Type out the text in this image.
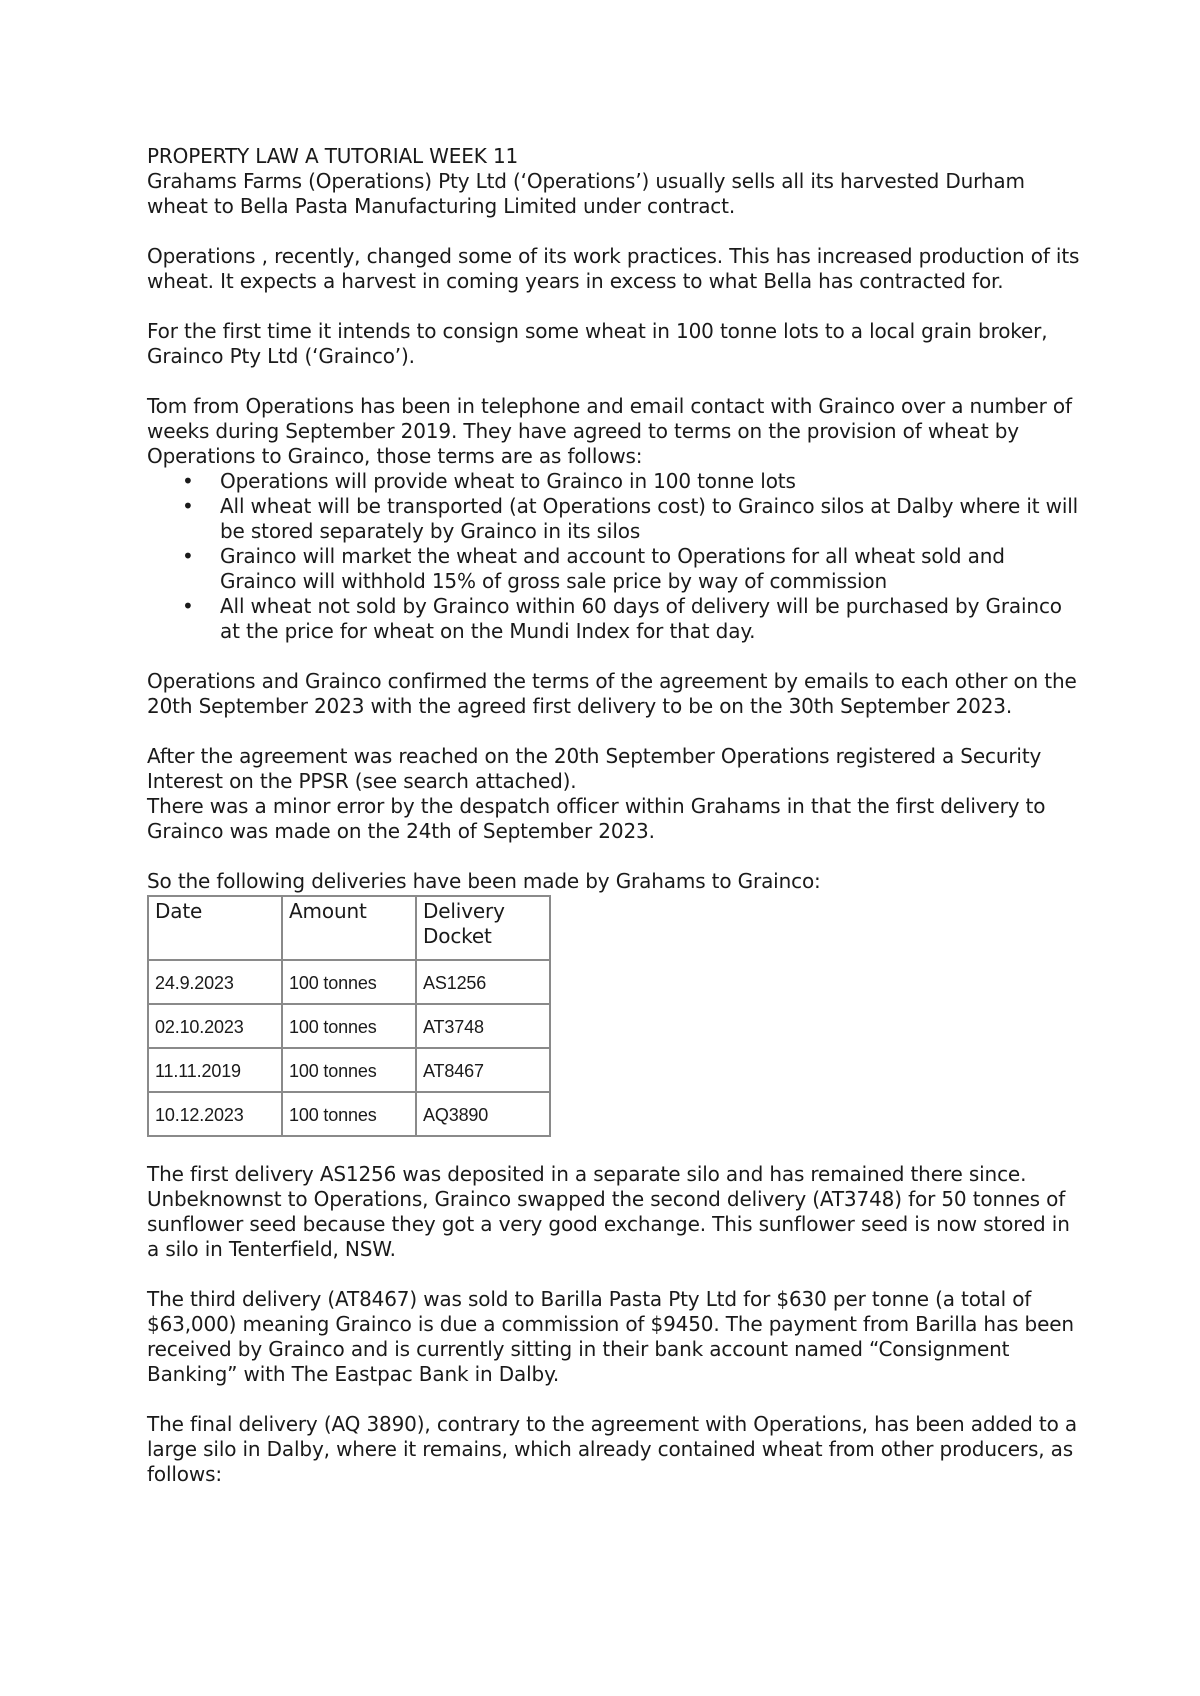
PROPERTY LAW A TUTORIAL WEEK 11

Grahams Farms (Operations) Pty Ltd (‘Operations’) usually sells all its harvested Durham wheat to Bella Pasta Manufacturing Limited under contract.

Operations , recently, changed some of its work practices. This has increased production of its wheat. It expects a harvest in coming years in excess to what Bella has contracted for.

For the first time it intends to consign some wheat in 100 tonne lots to a local grain broker, Grainco Pty Ltd (‘Grainco’).

Tom from Operations has been in telephone and email contact with Grainco over a number of weeks during September 2019. They have agreed to terms on the provision of wheat by Operations to Grainco, those terms are as follows:

• Operations will provide wheat to Grainco in 100 tonne lots
• All wheat will be transported (at Operations cost) to Grainco silos at Dalby where it will be stored separately by Grainco in its silos
• Grainco will market the wheat and account to Operations for all wheat sold and Grainco will withhold 15% of gross sale price by way of commission
• All wheat not sold by Grainco within 60 days of delivery will be purchased by Grainco at the price for wheat on the Mundi Index for that day.

Operations and Grainco confirmed the terms of the agreement by emails to each other on the 20th September 2023 with the agreed first delivery to be on the 30th September 2023.

After the agreement was reached on the 20th September Operations registered a Security Interest on the PPSR (see search attached).

There was a minor error by the despatch officer within Grahams in that the first delivery to Grainco was made on the 24th of September 2023.

So the following deliveries have been made by Grahams to Grainco:

Date	Amount	Delivery Docket
24.9.2023	100 tonnes	AS1256
02.10.2023	100 tonnes	AT3748
11.11.2019	100 tonnes	AT8467
10.12.2023	100 tonnes	AQ3890

The first delivery AS1256 was deposited in a separate silo and has remained there since. Unbeknownst to Operations, Grainco swapped the second delivery (AT3748) for 50 tonnes of sunflower seed because they got a very good exchange. This sunflower seed is now stored in a silo in Tenterfield, NSW.

The third delivery (AT8467) was sold to Barilla Pasta Pty Ltd for $630 per tonne (a total of $63,000) meaning Grainco is due a commission of $9450. The payment from Barilla has been received by Grainco and is currently sitting in their bank account named “Consignment Banking” with The Eastpac Bank in Dalby.

The final delivery (AQ 3890), contrary to the agreement with Operations, has been added to a large silo in Dalby, where it remains, which already contained wheat from other producers, as follows:
